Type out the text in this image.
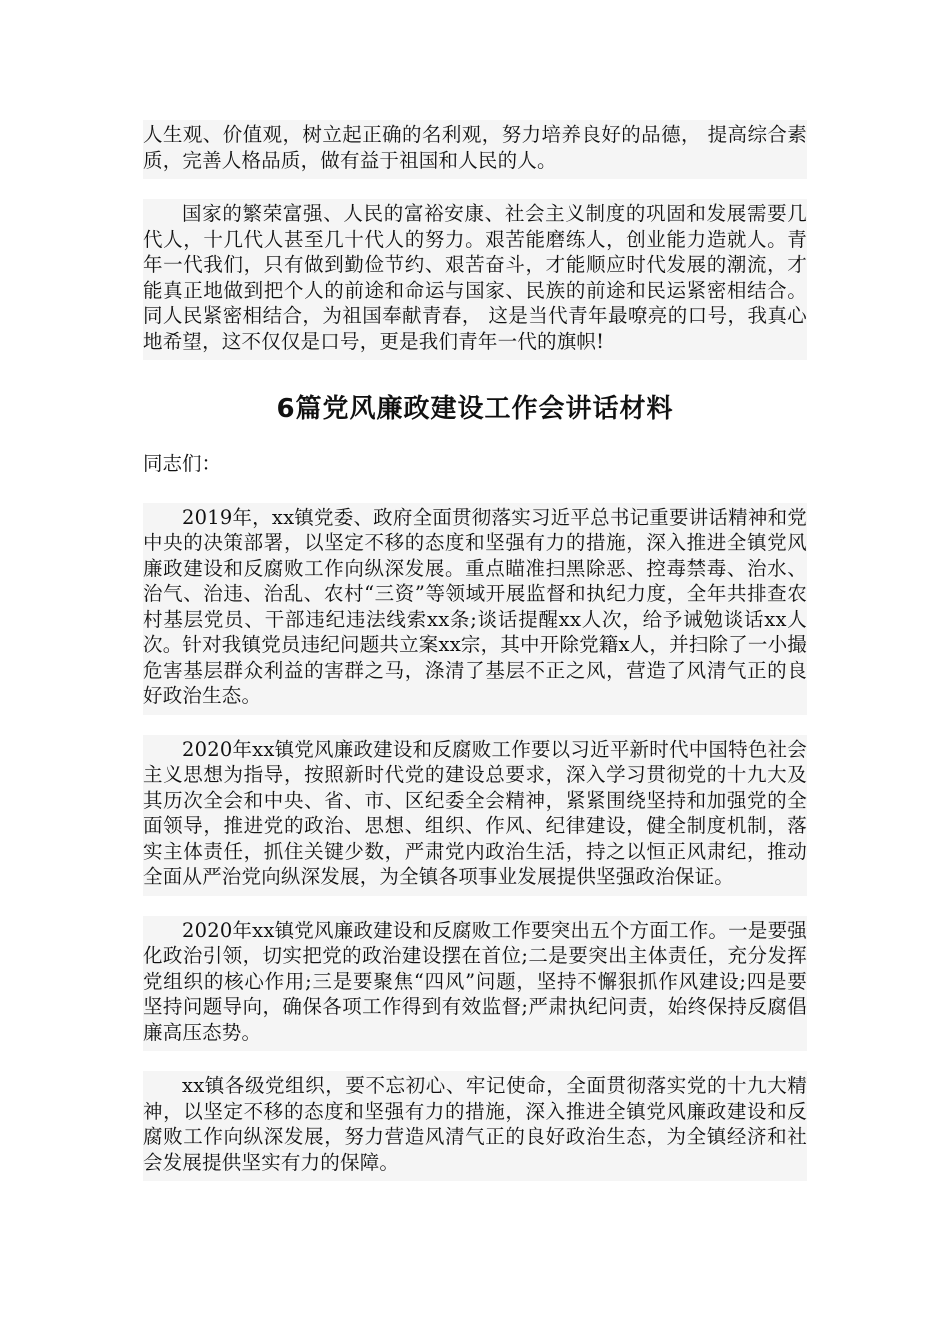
人生观、价值观，树立起正确的名利观，努力培养良好的品德， 提高综合素质，完善人格品质，做有益于祖国和人民的人。

国家的繁荣富强、人民的富裕安康、社会主义制度的巩固和发展需要几代人，十几代人甚至几十代人的努力。艰苦能磨练人，创业能力造就人。青年一代我们，只有做到勤俭节约、艰苦奋斗，才能顺应时代发展的潮流，才能真正地做到把个人的前途和命运与国家、民族的前途和民运紧密相结合。同人民紧密相结合，为祖国奉献青春， 这是当代青年最嘹亮的口号，我真心地希望，这不仅仅是口号，更是我们青年一代的旗帜!

6篇党风廉政建设工作会讲话材料

同志们：

2019年，xx镇党委、政府全面贯彻落实习近平总书记重要讲话精神和党中央的决策部署，以坚定不移的态度和坚强有力的措施，深入推进全镇党风廉政建设和反腐败工作向纵深发展。重点瞄准扫黑除恶、控毒禁毒、治水、治气、治违、治乱、农村“三资”等领域开展监督和执纪力度，全年共排查农村基层党员、干部违纪违法线索xx条;谈话提醒xx人次，给予诫勉谈话xx人次。针对我镇党员违纪问题共立案xx宗，其中开除党籍x人，并扫除了一小撮危害基层群众利益的害群之马，涤清了基层不正之风，营造了风清气正的良好政治生态。

2020年xx镇党风廉政建设和反腐败工作要以习近平新时代中国特色社会主义思想为指导，按照新时代党的建设总要求，深入学习贯彻党的十九大及其历次全会和中央、省、市、区纪委全会精神，紧紧围绕坚持和加强党的全面领导，推进党的政治、思想、组织、作风、纪律建设，健全制度机制，落实主体责任，抓住关键少数，严肃党内政治生活，持之以恒正风肃纪，推动全面从严治党向纵深发展，为全镇各项事业发展提供坚强政治保证。

2020年xx镇党风廉政建设和反腐败工作要突出五个方面工作。一是要强化政治引领，切实把党的政治建设摆在首位;二是要突出主体责任，充分发挥党组织的核心作用;三是要聚焦“四风”问题，坚持不懈狠抓作风建设;四是要坚持问题导向，确保各项工作得到有效监督;严肃执纪问责，始终保持反腐倡廉高压态势。

xx镇各级党组织，要不忘初心、牢记使命，全面贯彻落实党的十九大精神，以坚定不移的态度和坚强有力的措施，深入推进全镇党风廉政建设和反腐败工作向纵深发展，努力营造风清气正的良好政治生态，为全镇经济和社会发展提供坚实有力的保障。
